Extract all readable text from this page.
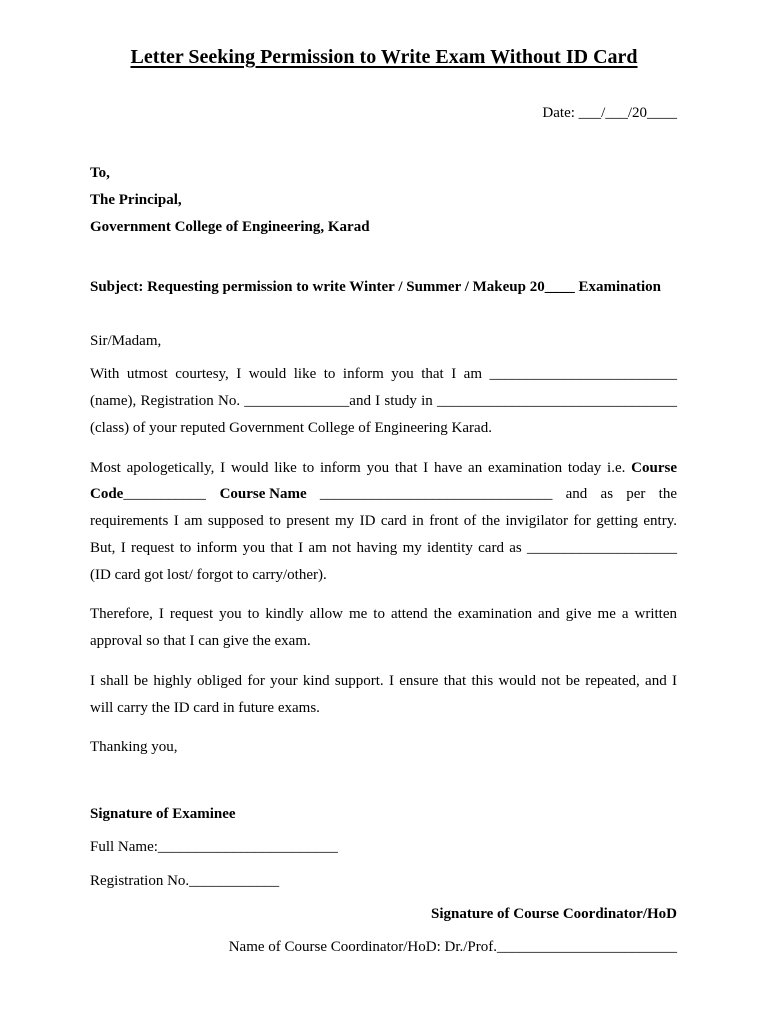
Letter Seeking Permission to Write Exam Without ID Card
Date: ___/___/20____
To,
The Principal,
Government College of Engineering, Karad
Subject: Requesting permission to write Winter / Summer / Makeup 20____ Examination
Sir/Madam,
With utmost courtesy, I would like to inform you that I am _________________________
(name), Registration No. ______________and I study in ________________________________
(class) of your reputed Government College of Engineering Karad.
Most apologetically, I would like to inform you that I have an examination today i.e. Course
Code___________ Course Name _______________________________ and as per the
requirements I am supposed to present my ID card in front of the invigilator for getting entry.
But, I request to inform you that I am not having my identity card as ____________________
(ID card got lost/ forgot to carry/other).
Therefore, I request you to kindly allow me to attend the examination and give me a written
approval so that I can give the exam.
I shall be highly obliged for your kind support. I ensure that this would not be repeated, and I
will carry the ID card in future exams.
Thanking you,
Signature of Examinee
Full Name:________________________
Registration No.____________
Signature of Course Coordinator/HoD
Name of Course Coordinator/HoD: Dr./Prof.________________________
